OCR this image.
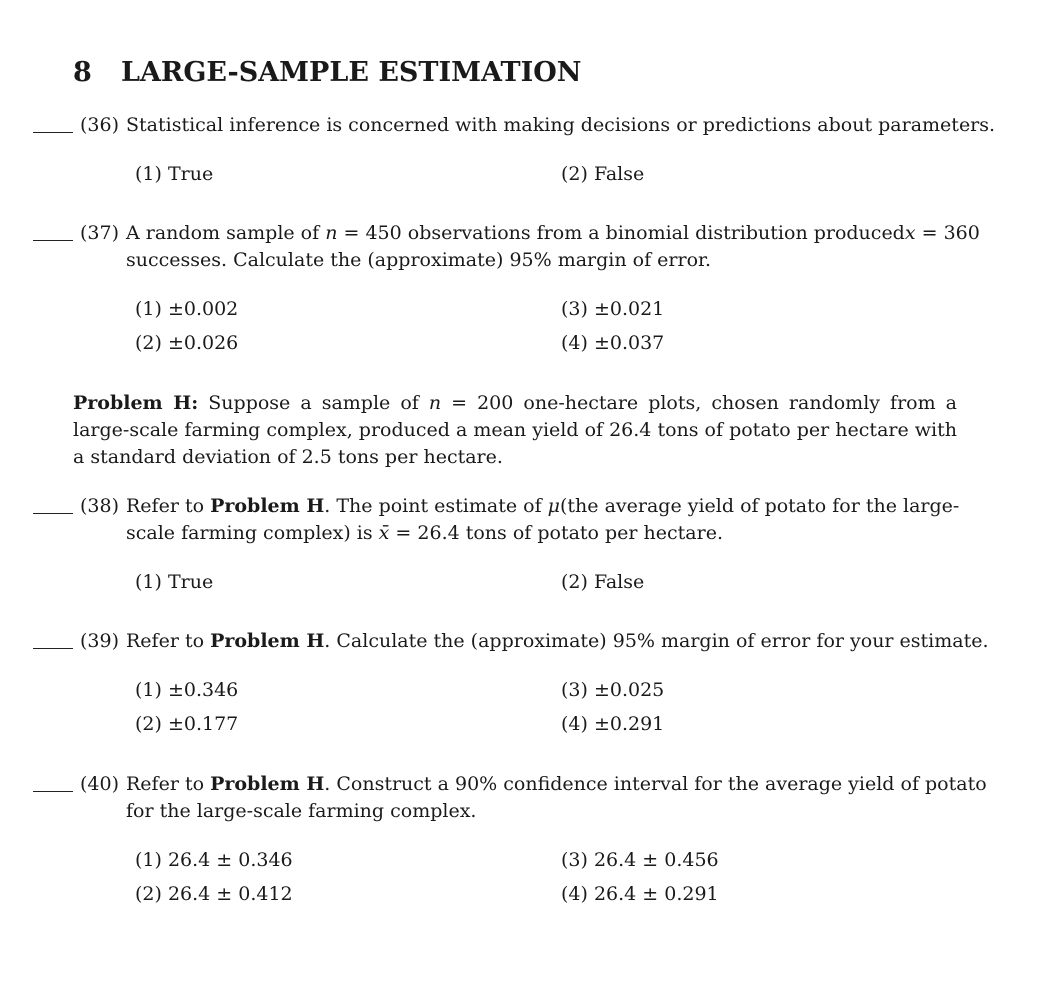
8 LARGE-SAMPLE ESTIMATION
(36) Statistical inference is concerned with making decisions or predictions about parameters.
(1) True	(2) False
(37) A random sample of n = 450 observations from a binomial distribution produced x = 360
successes. Calculate the (approximate) 95% margin of error.
(1) ±0.002
(2) ±0.026
(3) ±0.021
(4) ±0.037
Problem H: Suppose a sample of n = 200 one-hectare plots, chosen randomly from a large-scale farming complex, produced a mean yield of 26.4 tons of potato per hectare with a standard deviation of 2.5 tons per hectare.
(38) Refer to Problem H. The point estimate of μ (the average yield of potato for the large-
scale farming complex) is x̄ = 26.4 tons of potato per hectare.
(1) True	(2) False
(39) Refer to Problem H. Calculate the (approximate) 95% margin of error for your estimate.
(1) ±0.346
(2) ±0.177
(3) ±0.025
(4) ±0.291
(40) Refer to Problem H. Construct a 90% confidence interval for the average yield of potato
for the large-scale farming complex.
(1) 26.4 ± 0.346
(2) 26.4 ± 0.412
(3) 26.4 ± 0.456
(4) 26.4 ± 0.291
